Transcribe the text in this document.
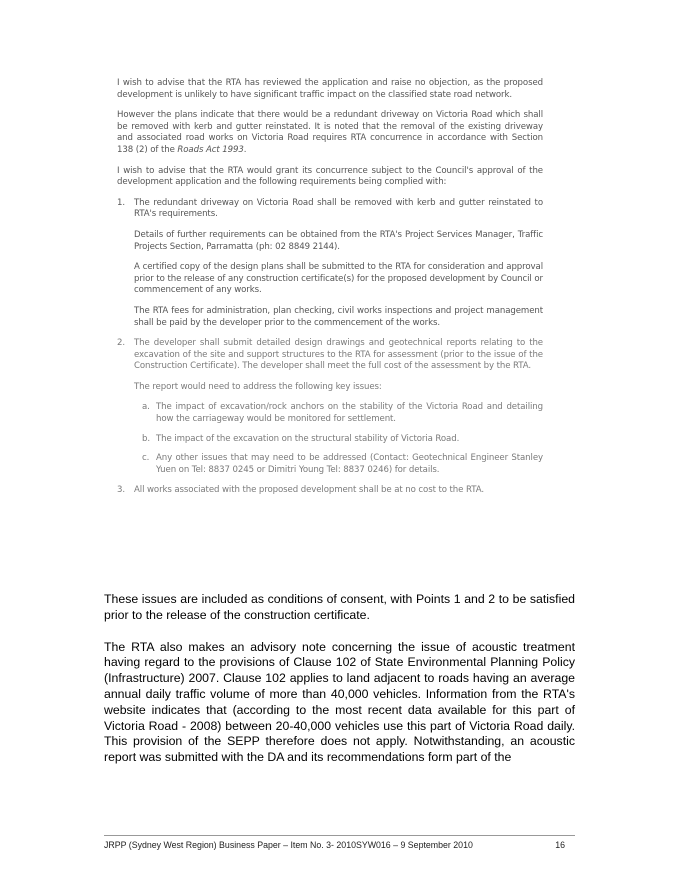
I wish to advise that the RTA has reviewed the application and raise no objection, as the proposed development is unlikely to have significant traffic impact on the classified state road network.

However the plans indicate that there would be a redundant driveway on Victoria Road which shall be removed with kerb and gutter reinstated. It is noted that the removal of the existing driveway and associated road works on Victoria Road requires RTA concurrence in accordance with Section 138 (2) of the Roads Act 1993.

I wish to advise that the RTA would grant its concurrence subject to the Council's approval of the development application and the following requirements being complied with:

1. The redundant driveway on Victoria Road shall be removed with kerb and gutter reinstated to RTA's requirements.

Details of further requirements can be obtained from the RTA's Project Services Manager, Traffic Projects Section, Parramatta (ph: 02 8849 2144).

A certified copy of the design plans shall be submitted to the RTA for consideration and approval prior to the release of any construction certificate(s) for the proposed development by Council or commencement of any works.

The RTA fees for administration, plan checking, civil works inspections and project management shall be paid by the developer prior to the commencement of the works.

2. The developer shall submit detailed design drawings and geotechnical reports relating to the excavation of the site and support structures to the RTA for assessment (prior to the issue of the Construction Certificate). The developer shall meet the full cost of the assessment by the RTA.

The report would need to address the following key issues:

a. The impact of excavation/rock anchors on the stability of the Victoria Road and detailing how the carriageway would be monitored for settlement.
b. The impact of the excavation on the structural stability of Victoria Road.
c. Any other issues that may need to be addressed (Contact: Geotechnical Engineer Stanley Yuen on Tel: 8837 0245 or Dimitri Young Tel: 8837 0246) for details.
3. All works associated with the proposed development shall be at no cost to the RTA.

These issues are included as conditions of consent, with Points 1 and 2 to be satisfied prior to the release of the construction certificate.

The RTA also makes an advisory note concerning the issue of acoustic treatment having regard to the provisions of Clause 102 of State Environmental Planning Policy (Infrastructure) 2007. Clause 102 applies to land adjacent to roads having an average annual daily traffic volume of more than 40,000 vehicles. Information from the RTA's website indicates that (according to the most recent data available for this part of Victoria Road - 2008) between 20-40,000 vehicles use this part of Victoria Road daily. This provision of the SEPP therefore does not apply. Notwithstanding, an acoustic report was submitted with the DA and its recommendations form part of the

JRPP (Sydney West Region) Business Paper – Item No. 3- 2010SYW016 – 9 September 2010	16
